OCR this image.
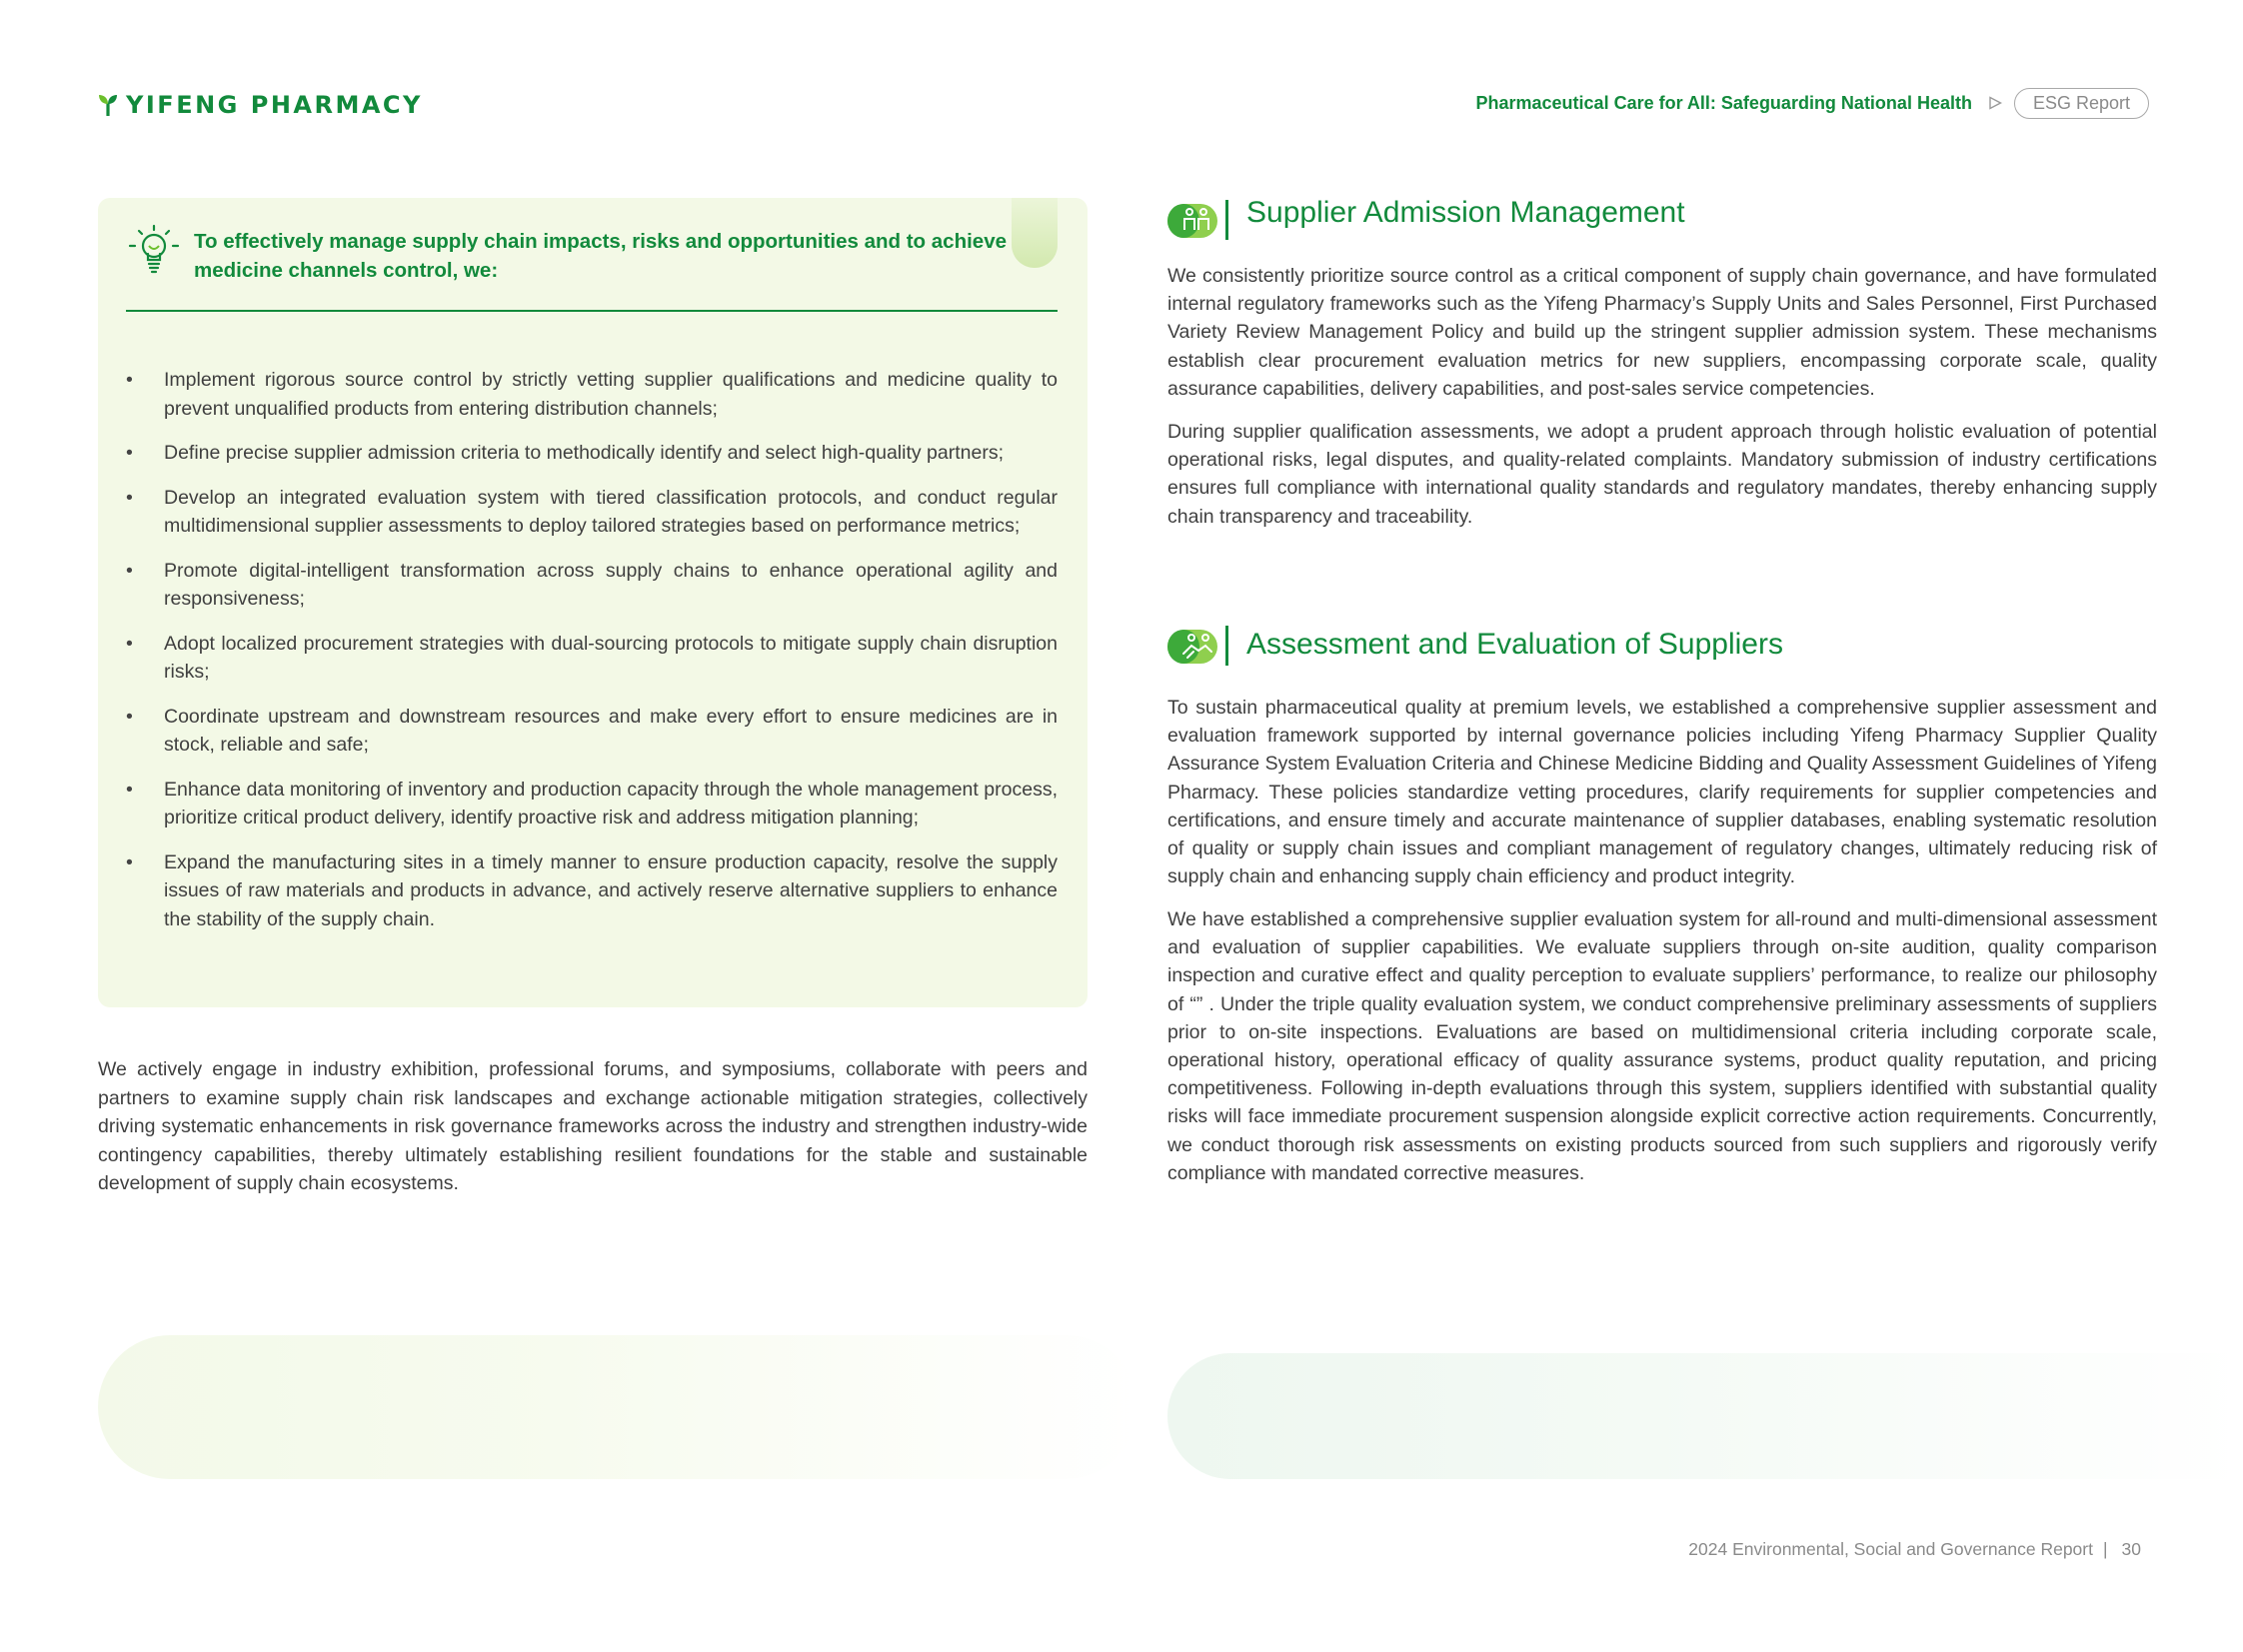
YIFENG PHARMACY	Pharmaceutical Care for All: Safeguarding National Health	ESG Report
To effectively manage supply chain impacts, risks and opportunities and to achieve medicine channels control, we:
• Implement rigorous source control by strictly vetting supplier qualifications and medicine quality to prevent unqualified products from entering distribution channels;
• Define precise supplier admission criteria to methodically identify and select high-quality partners;
• Develop an integrated evaluation system with tiered classification protocols, and conduct regular multidimensional supplier assessments to deploy tailored strategies based on performance metrics;
• Promote digital-intelligent transformation across supply chains to enhance operational agility and responsiveness;
• Adopt localized procurement strategies with dual-sourcing protocols to mitigate supply chain disruption risks;
• Coordinate upstream and downstream resources and make every effort to ensure medicines are in stock, reliable and safe;
• Enhance data monitoring of inventory and production capacity through the whole management process, prioritize critical product delivery, identify proactive risk and address mitigation planning;
• Expand the manufacturing sites in a timely manner to ensure production capacity, resolve the supply issues of raw materials and products in advance, and actively reserve alternative suppliers to enhance the stability of the supply chain.

We actively engage in industry exhibition, professional forums, and symposiums, collaborate with peers and partners to examine supply chain risk landscapes and exchange actionable mitigation strategies, collectively driving systematic enhancements in risk governance frameworks across the industry and strengthen industry-wide contingency capabilities, thereby ultimately establishing resilient foundations for the stable and sustainable development of supply chain ecosystems.

Supplier Admission Management

We consistently prioritize source control as a critical component of supply chain governance, and have formulated internal regulatory frameworks such as the Yifeng Pharmacy’s Supply Units and Sales Personnel, First Purchased Variety Review Management Policy and build up the stringent supplier admission system. These mechanisms establish clear procurement evaluation metrics for new suppliers, encompassing corporate scale, quality assurance capabilities, delivery capabilities, and post-sales service competencies.

During supplier qualification assessments, we adopt a prudent approach through holistic evaluation of potential operational risks, legal disputes, and quality-related complaints. Mandatory submission of industry certifications ensures full compliance with international quality standards and regulatory mandates, thereby enhancing supply chain transparency and traceability.

Assessment and Evaluation of Suppliers

To sustain pharmaceutical quality at premium levels, we established a comprehensive supplier assessment and evaluation framework supported by internal governance policies including Yifeng Pharmacy Supplier Quality Assurance System Evaluation Criteria and Chinese Medicine Bidding and Quality Assessment Guidelines of Yifeng Pharmacy. These policies standardize vetting procedures, clarify requirements for supplier competencies and certifications, and ensure timely and accurate maintenance of supplier databases, enabling systematic resolution of quality or supply chain issues and compliant management of regulatory changes, ultimately reducing risk of supply chain and enhancing supply chain efficiency and product integrity.

We have established a comprehensive supplier evaluation system for all-round and multi-dimensional assessment and evaluation of supplier capabilities. We evaluate suppliers through on-site audition, quality comparison inspection and curative effect and quality perception to evaluate suppliers’ performance, to realize our philosophy of “” . Under the triple quality evaluation system, we conduct comprehensive preliminary assessments of suppliers prior to on-site inspections. Evaluations are based on multidimensional criteria including corporate scale, operational history, operational efficacy of quality assurance systems, product quality reputation, and pricing competitiveness. Following in-depth evaluations through this system, suppliers identified with substantial quality risks will face immediate procurement suspension alongside explicit corrective action requirements. Concurrently, we conduct thorough risk assessments on existing products sourced from such suppliers and rigorously verify compliance with mandated corrective measures.

2024 Environmental, Social and Governance Report | 30
